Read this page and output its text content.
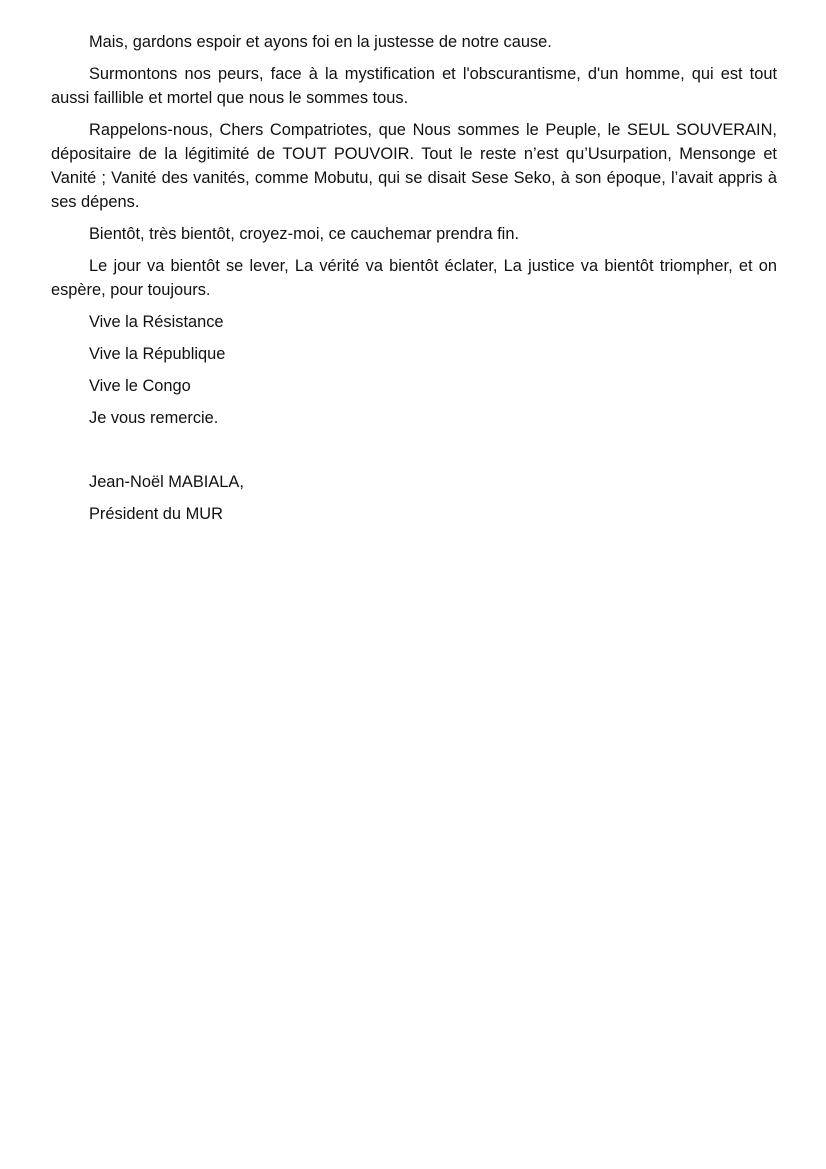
Mais, gardons espoir et ayons foi en la justesse de notre cause.

Surmontons nos peurs, face à la mystification et l'obscurantisme, d'un homme, qui est tout aussi faillible et mortel que nous le sommes tous.

Rappelons-nous, Chers Compatriotes, que Nous sommes le Peuple, le SEUL SOUVERAIN, dépositaire de la légitimité de TOUT POUVOIR. Tout le reste n’est qu’Usurpation, Mensonge et Vanité ; Vanité des vanités, comme Mobutu, qui se disait Sese Seko, à son époque, l’avait appris à ses dépens.

Bientôt, très bientôt, croyez-moi, ce cauchemar prendra fin.

Le jour va bientôt se lever, La vérité va bientôt éclater, La justice va bientôt triompher, et on espère, pour toujours.

Vive la Résistance
Vive la République
Vive le Congo
Je vous remercie.
Jean-Noël MABIALA,
Président du MUR
